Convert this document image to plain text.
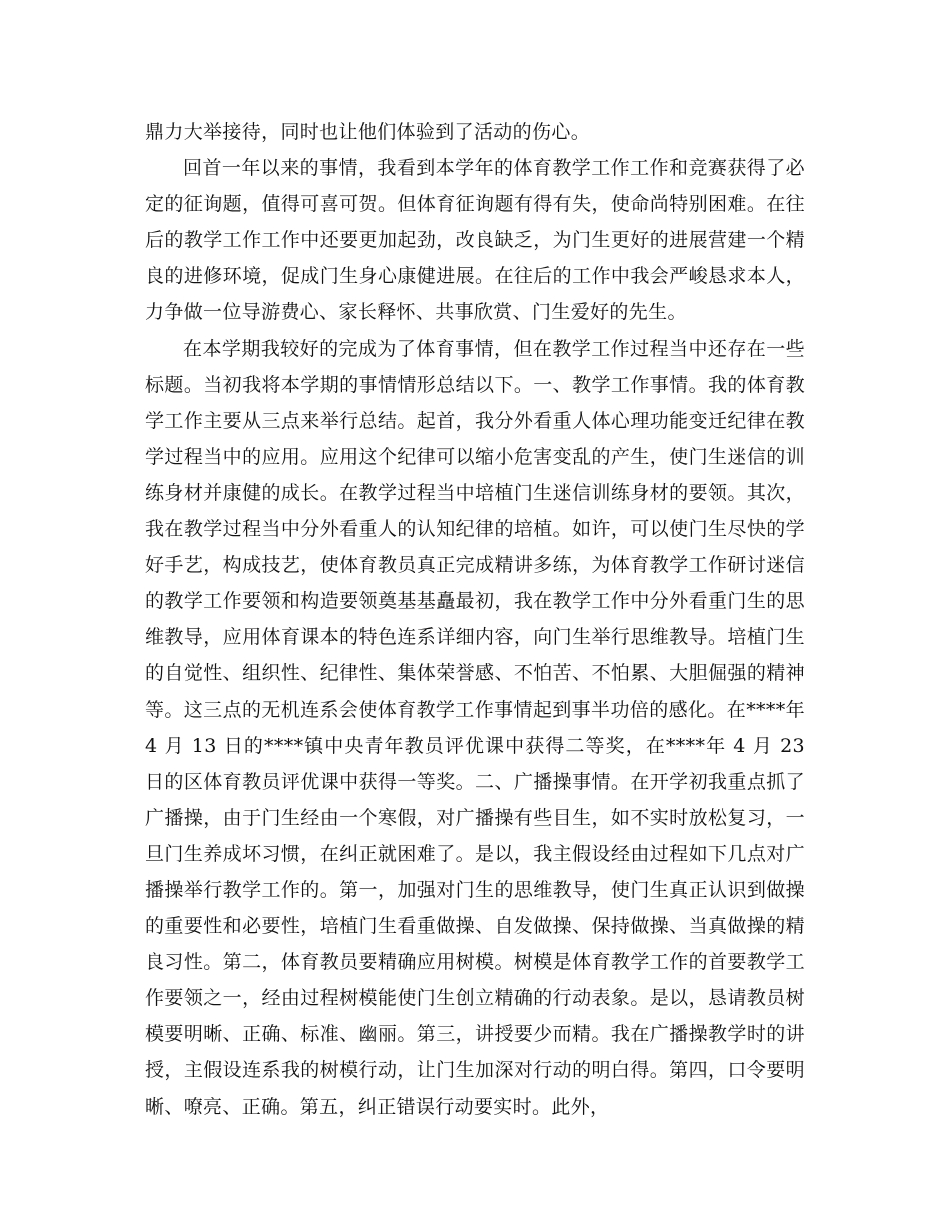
鼎力大举接待，同时也让他们体验到了活动的伤心。

回首一年以来的事情，我看到本学年的体育教学工作工作和竞赛获得了必定的征询题，值得可喜可贺。但体育征询题有得有失，使命尚特别困难。在往后的教学工作工作中还要更加起劲，改良缺乏，为门生更好的进展营建一个精良的进修环境，促成门生身心康健进展。在往后的工作中我会严峻恳求本人，力争做一位导游费心、家长释怀、共事欣赏、门生爱好的先生。

在本学期我较好的完成为了体育事情，但在教学工作过程当中还存在一些标题。当初我将本学期的事情情形总结以下。一、教学工作事情。我的体育教学工作主要从三点来举行总结。起首，我分外看重人体心理功能变迁纪律在教学过程当中的应用。应用这个纪律可以缩小危害变乱的产生，使门生迷信的训练身材并康健的成长。在教学过程当中培植门生迷信训练身材的要领。其次，我在教学过程当中分外看重人的认知纪律的培植。如许，可以使门生尽快的学好手艺，构成技艺，使体育教员真正完成精讲多练，为体育教学工作研讨迷信的教学工作要领和构造要领奠基基矗最初，我在教学工作中分外看重门生的思维教导，应用体育课本的特色连系详细内容，向门生举行思维教导。培植门生的自觉性、组织性、纪律性、集体荣誉感、不怕苦、不怕累、大胆倔强的精神等。这三点的无机连系会使体育教学工作事情起到事半功倍的感化。在****年 4 月 13 日的****镇中央青年教员评优课中获得二等奖，在****年 4 月 23 日的区体育教员评优课中获得一等奖。二、广播操事情。在开学初我重点抓了广播操，由于门生经由一个寒假，对广播操有些目生，如不实时放松复习，一旦门生养成坏习惯，在纠正就困难了。是以，我主假设经由过程如下几点对广播操举行教学工作的。第一，加强对门生的思维教导，使门生真正认识到做操的重要性和必要性，培植门生看重做操、自发做操、保持做操、当真做操的精良习性。第二，体育教员要精确应用树模。树模是体育教学工作的首要教学工作要领之一，经由过程树模能使门生创立精确的行动表象。是以，恳请教员树模要明晰、正确、标准、幽丽。第三，讲授要少而精。我在广播操教学时的讲授，主假设连系我的树模行动，让门生加深对行动的明白得。第四，口令要明晰、嘹亮、正确。第五，纠正错误行动要实时。此外，
